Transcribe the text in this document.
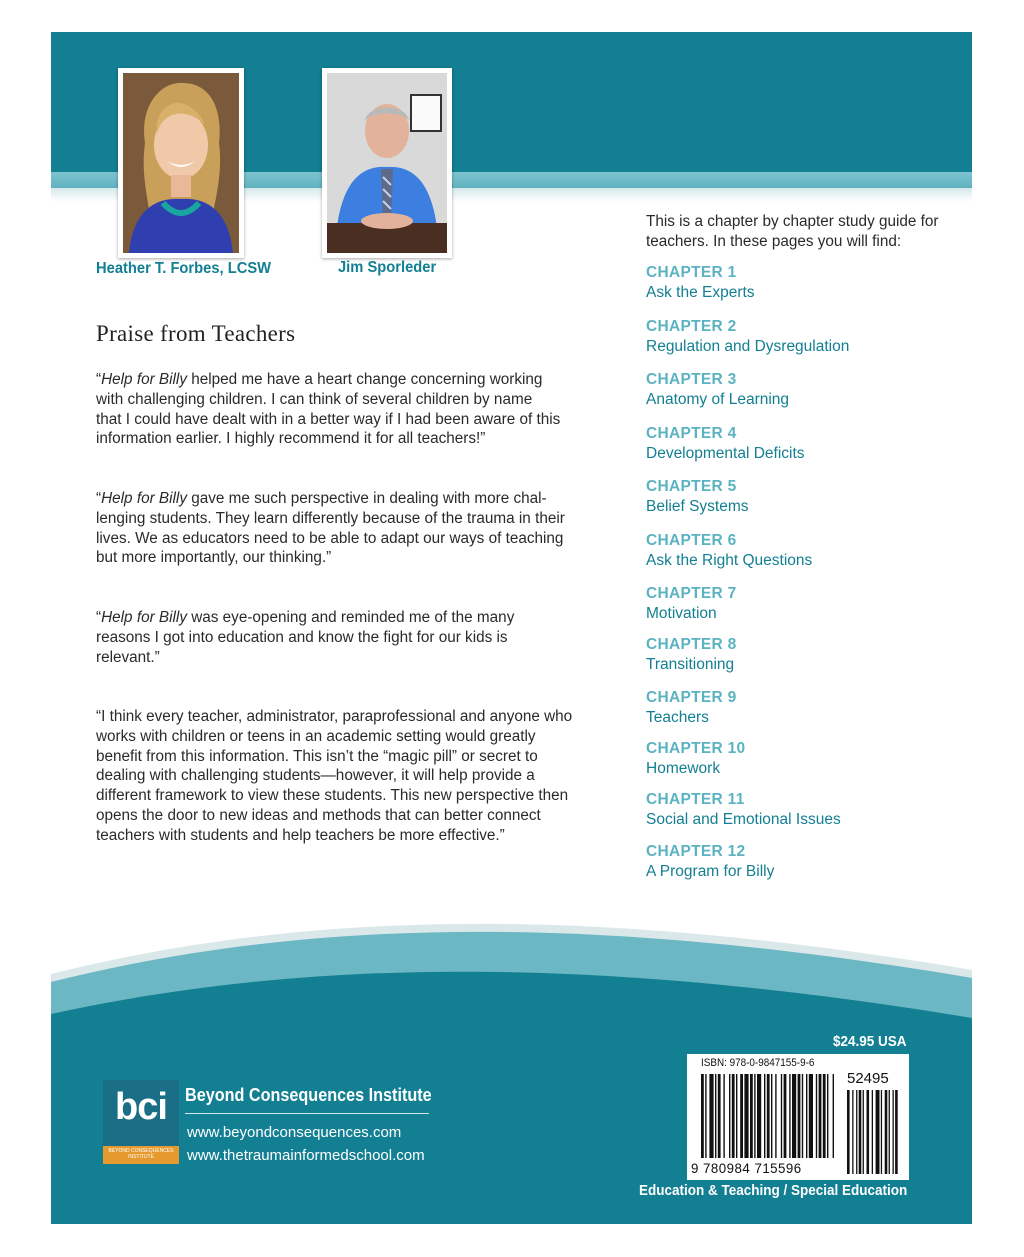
Heather T. Forbes, LCSW	Jim Sporleder
Praise from Teachers
“Help for Billy helped me have a heart change concerning working
with challenging children. I can think of several children by name
that I could have dealt with in a better way if I had been aware of this
information earlier. I highly recommend it for all teachers!”
“Help for Billy gave me such perspective in dealing with more chal-
lenging students. They learn differently because of the trauma in their
lives. We as educators need to be able to adapt our ways of teaching
but more importantly, our thinking.”
“Help for Billy was eye-opening and reminded me of the many
reasons I got into education and know the fight for our kids is
relevant.”
“I think every teacher, administrator, paraprofessional and anyone who
works with children or teens in an academic setting would greatly
benefit from this information. This isn’t the “magic pill” or secret to
dealing with challenging students—however, it will help provide a
different framework to view these students. This new perspective then
opens the door to new ideas and methods that can better connect
teachers with students and help teachers be more effective.”
This is a chapter by chapter study guide for
teachers. In these pages you will find:
CHAPTER 1
Ask the Experts
CHAPTER 2
Regulation and Dysregulation
CHAPTER 3
Anatomy of Learning
CHAPTER 4
Developmental Deficits
CHAPTER 5
Belief Systems
CHAPTER 6
Ask the Right Questions
CHAPTER 7
Motivation
CHAPTER 8
Transitioning
CHAPTER 9
Teachers
CHAPTER 10
Homework
CHAPTER 11
Social and Emotional Issues
CHAPTER 12
A Program for Billy
bci
BEYOND CONSEQUENCES INSTITUTE
Beyond Consequences Institute
www.beyondconsequences.com
www.thetraumainformedschool.com
$24.95 USA
ISBN: 978-0-9847155-9-6
52495
9 780984 715596
Education & Teaching / Special Education
